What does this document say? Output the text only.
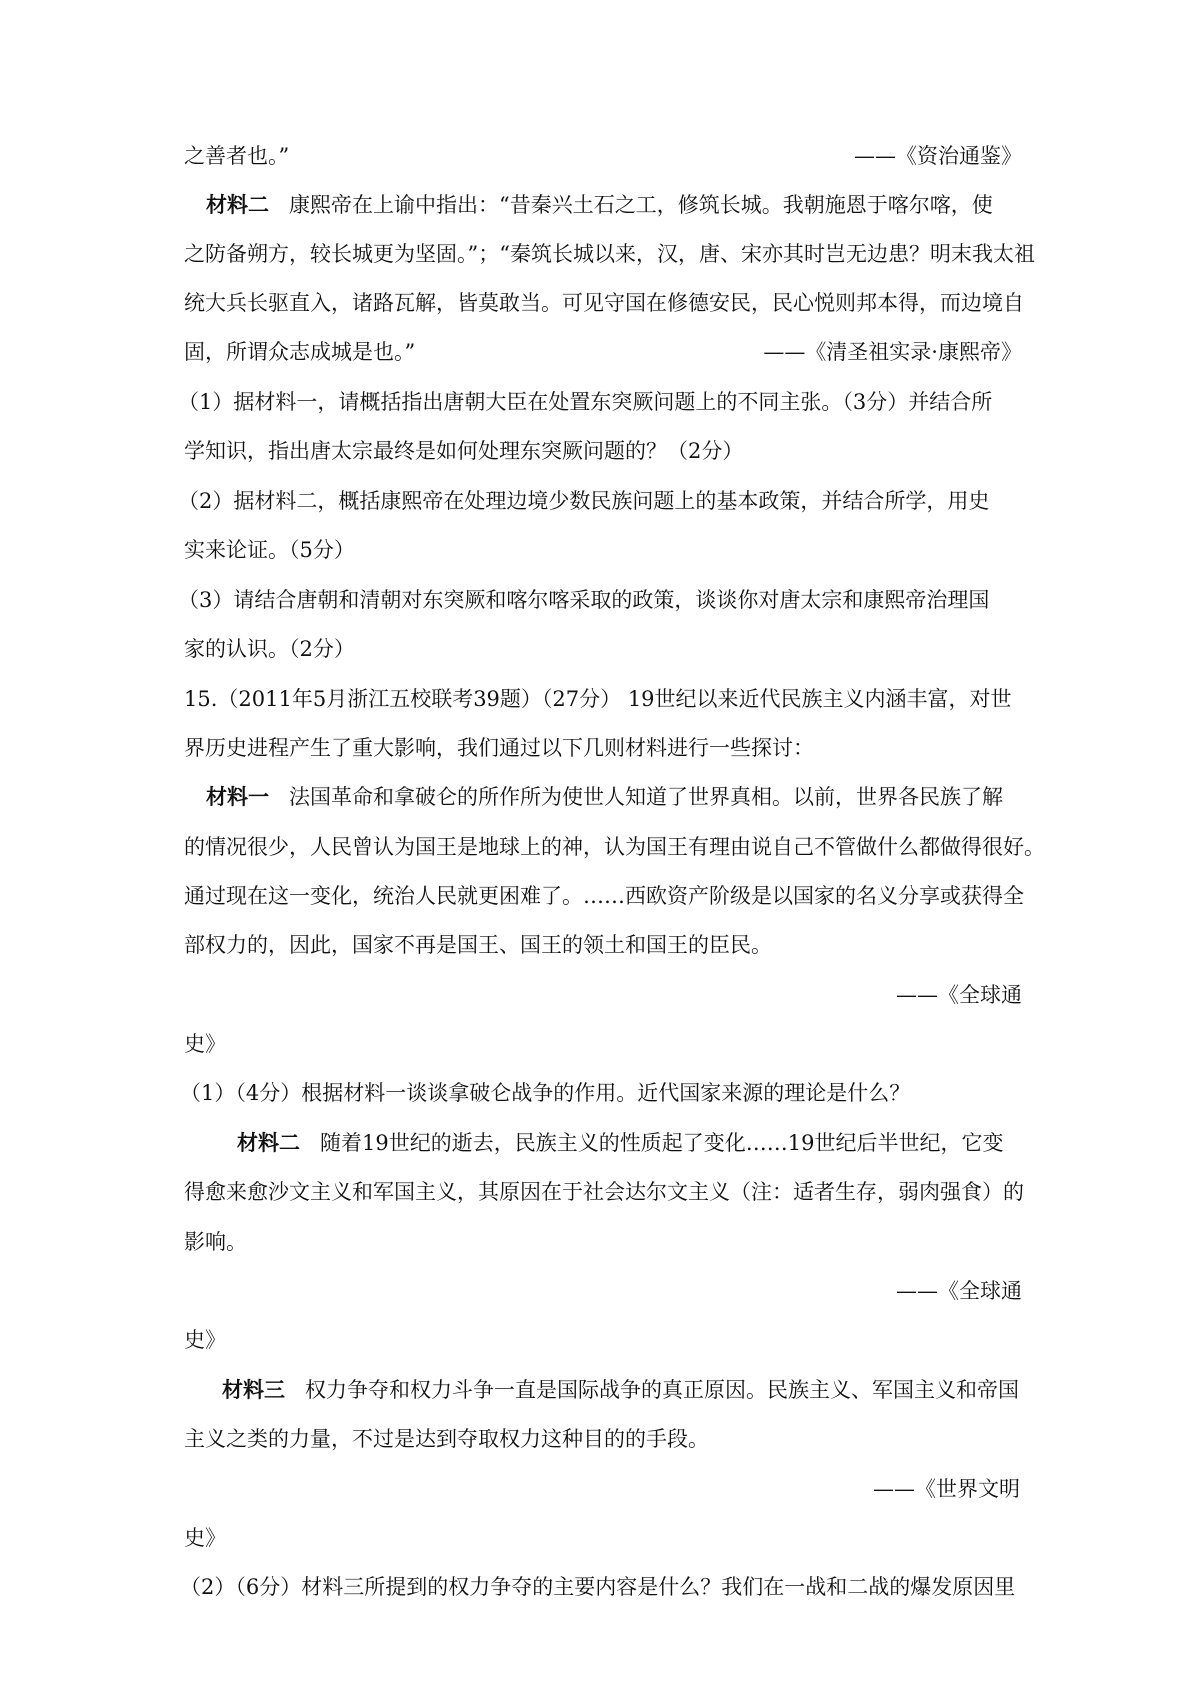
之善者也。”	——《资治通鉴》
材料二 康熙帝在上谕中指出：“昔秦兴土石之工，修筑长城。我朝施恩于喀尔喀，使
之防备朔方，较长城更为坚固。”；“秦筑长城以来，汉，唐、宋亦其时岂无边患？明末我太祖
统大兵长驱直入，诸路瓦解，皆莫敢当。可见守国在修德安民，民心悦则邦本得，而边境自
固，所谓众志成城是也。”	——《清圣祖实录·康熙帝》
（1）据材料一，请概括指出唐朝大臣在处置东突厥问题上的不同主张。（3分）并结合所
学知识，指出唐太宗最终是如何处理东突厥问题的？（2分）
（2）据材料二，概括康熙帝在处理边境少数民族问题上的基本政策，并结合所学，用史
实来论证。（5分）
（3）请结合唐朝和清朝对东突厥和喀尔喀采取的政策，谈谈你对唐太宗和康熙帝治理国
家的认识。（2分）
15.（2011年5月浙江五校联考39题）（27分） 19世纪以来近代民族主义内涵丰富，对世
界历史进程产生了重大影响，我们通过以下几则材料进行一些探讨：
材料一 法国革命和拿破仑的所作所为使世人知道了世界真相。以前，世界各民族了解
的情况很少，人民曾认为国王是地球上的神，认为国王有理由说自己不管做什么都做得很好。
通过现在这一变化，统治人民就更困难了。……西欧资产阶级是以国家的名义分享或获得全
部权力的，因此，国家不再是国王、国王的领土和国王的臣民。
——《全球通
史》
（1）（4分）根据材料一谈谈拿破仑战争的作用。近代国家来源的理论是什么？
材料二 随着19世纪的逝去，民族主义的性质起了变化……19世纪后半世纪，它变
得愈来愈沙文主义和军国主义，其原因在于社会达尔文主义（注：适者生存，弱肉强食）的
影响。
——《全球通
史》
材料三 权力争夺和权力斗争一直是国际战争的真正原因。民族主义、军国主义和帝国
主义之类的力量，不过是达到夺取权力这种目的的手段。
——《世界文明
史》
（2）（6分）材料三所提到的权力争夺的主要内容是什么？我们在一战和二战的爆发原因里
